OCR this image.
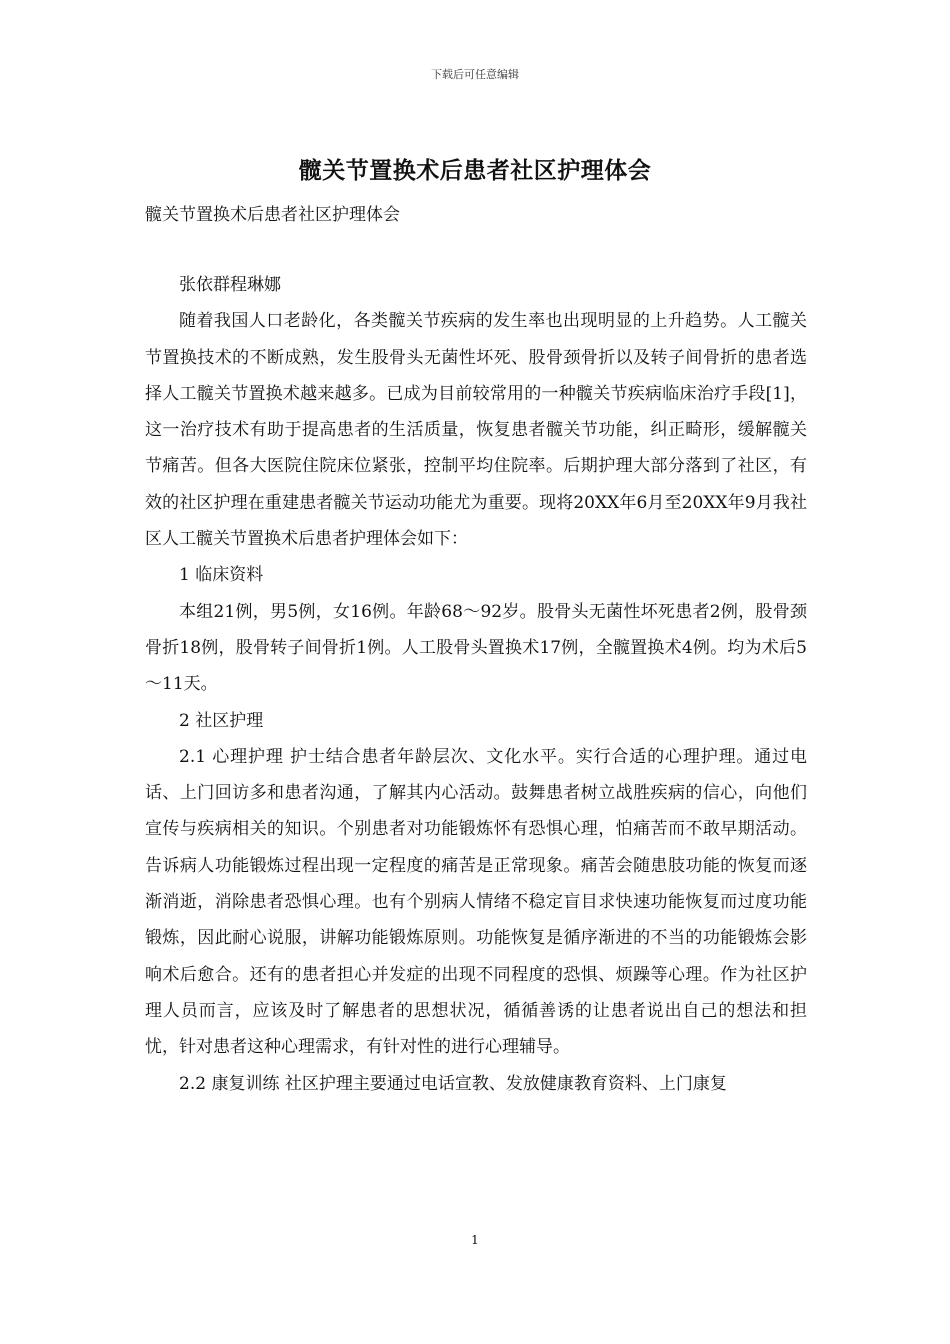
下载后可任意编辑
髋关节置换术后患者社区护理体会
髋关节置换术后患者社区护理体会

张依群程琳娜

随着我国人口老龄化，各类髋关节疾病的发生率也出现明显的上升趋势。人工髋关节置换技术的不断成熟，发生股骨头无菌性坏死、股骨颈骨折以及转子间骨折的患者选择人工髋关节置换术越来越多。已成为目前较常用的一种髋关节疾病临床治疗手段[1]，这一治疗技术有助于提高患者的生活质量，恢复患者髋关节功能，纠正畸形，缓解髋关节痛苦。但各大医院住院床位紧张，控制平均住院率。后期护理大部分落到了社区，有效的社区护理在重建患者髋关节运动功能尤为重要。现将20XX年6月至20XX年9月我社区人工髋关节置换术后患者护理体会如下：

1 临床资料

本组21例，男5例，女16例。年龄68～92岁。股骨头无菌性坏死患者2例，股骨颈骨折18例，股骨转子间骨折1例。人工股骨头置换术17例，全髋置换术4例。均为术后5～11天。

2 社区护理

2.1 心理护理 护士结合患者年龄层次、文化水平。实行合适的心理护理。通过电话、上门回访多和患者沟通，了解其内心活动。鼓舞患者树立战胜疾病的信心，向他们宣传与疾病相关的知识。个别患者对功能锻炼怀有恐惧心理，怕痛苦而不敢早期活动。告诉病人功能锻炼过程出现一定程度的痛苦是正常现象。痛苦会随患肢功能的恢复而逐渐消逝，消除患者恐惧心理。也有个别病人情绪不稳定盲目求快速功能恢复而过度功能锻炼，因此耐心说服，讲解功能锻炼原则。功能恢复是循序渐进的不当的功能锻炼会影响术后愈合。还有的患者担心并发症的出现不同程度的恐惧、烦躁等心理。作为社区护理人员而言，应该及时了解患者的思想状况，循循善诱的让患者说出自己的想法和担忧，针对患者这种心理需求，有针对性的进行心理辅导。

2.2 康复训练 社区护理主要通过电话宣教、发放健康教育资料、上门康复

1
